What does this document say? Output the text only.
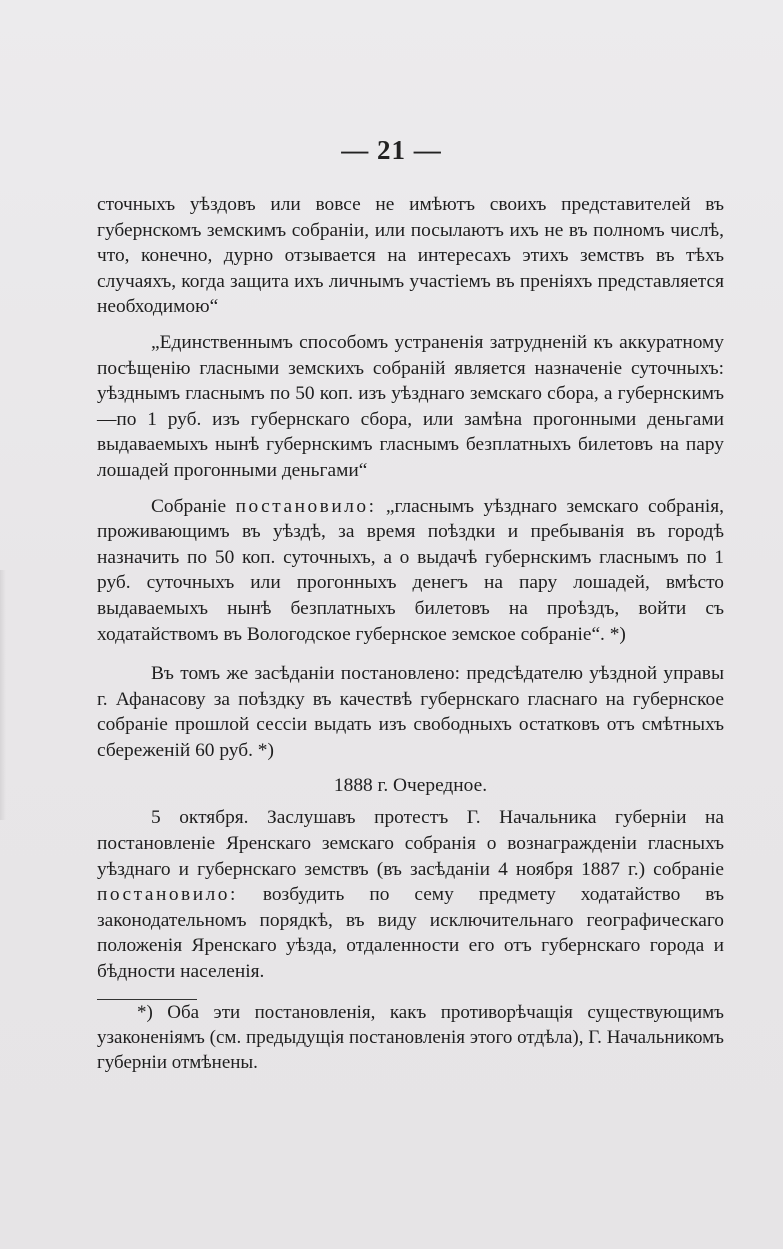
— 21 —

сточныхъ уѣздовъ или вовсе не имѣютъ своихъ представителей въ губернскомъ земскимъ собраніи, или посылаютъ ихъ не въ полномъ числѣ, что, конечно, дурно отзывается на интересахъ этихъ земствъ въ тѣхъ случаяхъ, когда защита ихъ личнымъ участіемъ въ преніяхъ представляется необходимою“

„Единственнымъ способомъ устраненія затрудненій къ аккуратному посѣщенію гласными земскихъ собраній является назначеніе суточныхъ: уѣзднымъ гласнымъ по 50 коп. изъ уѣзднаго земскаго сбора, а губернскимъ—по 1 руб. изъ губернскаго сбора, или замѣна прогонными деньгами выдаваемыхъ нынѣ губернскимъ гласнымъ безплатныхъ билетовъ на пару лошадей прогонными деньгами“

Собраніе постановило: „гласнымъ уѣзднаго земскаго собранія, проживающимъ въ уѣздѣ, за время поѣздки и пребыванія въ городѣ назначить по 50 коп. суточныхъ, а о выдачѣ губернскимъ гласнымъ по 1 руб. суточныхъ или прогонныхъ денегъ на пару лошадей, вмѣсто выдаваемыхъ нынѣ безплатныхъ билетовъ на проѣздъ, войти съ ходатайствомъ въ Вологодское губернское земское собраніе“. *)

Въ томъ же засѣданіи постановлено: предсѣдателю уѣздной управы г. Афанасову за поѣздку въ качествѣ губернскаго гласнаго на губернское собраніе прошлой сессіи выдать изъ свободныхъ остатковъ отъ смѣтныхъ сбереженій 60 руб. *)

1888 г. Очередное.

5 октября. Заслушавъ протестъ Г. Начальника губерніи на постановленіе Яренскаго земскаго собранія о вознагражденіи гласныхъ уѣзднаго и губернскаго земствъ (въ засѣданіи 4 ноября 1887 г.) собраніе постановило: возбудить по сему предмету ходатайство въ законодательномъ порядкѣ, въ виду исключительнаго географическаго положенія Яренскаго уѣзда, отдаленности его отъ губернскаго города и бѣдности населенія.

*) Оба эти постановленія, какъ противорѣчащія существующимъ узаконеніямъ (см. предыдущія постановленія этого отдѣла), Г. Начальникомъ губерніи отмѣнены.
